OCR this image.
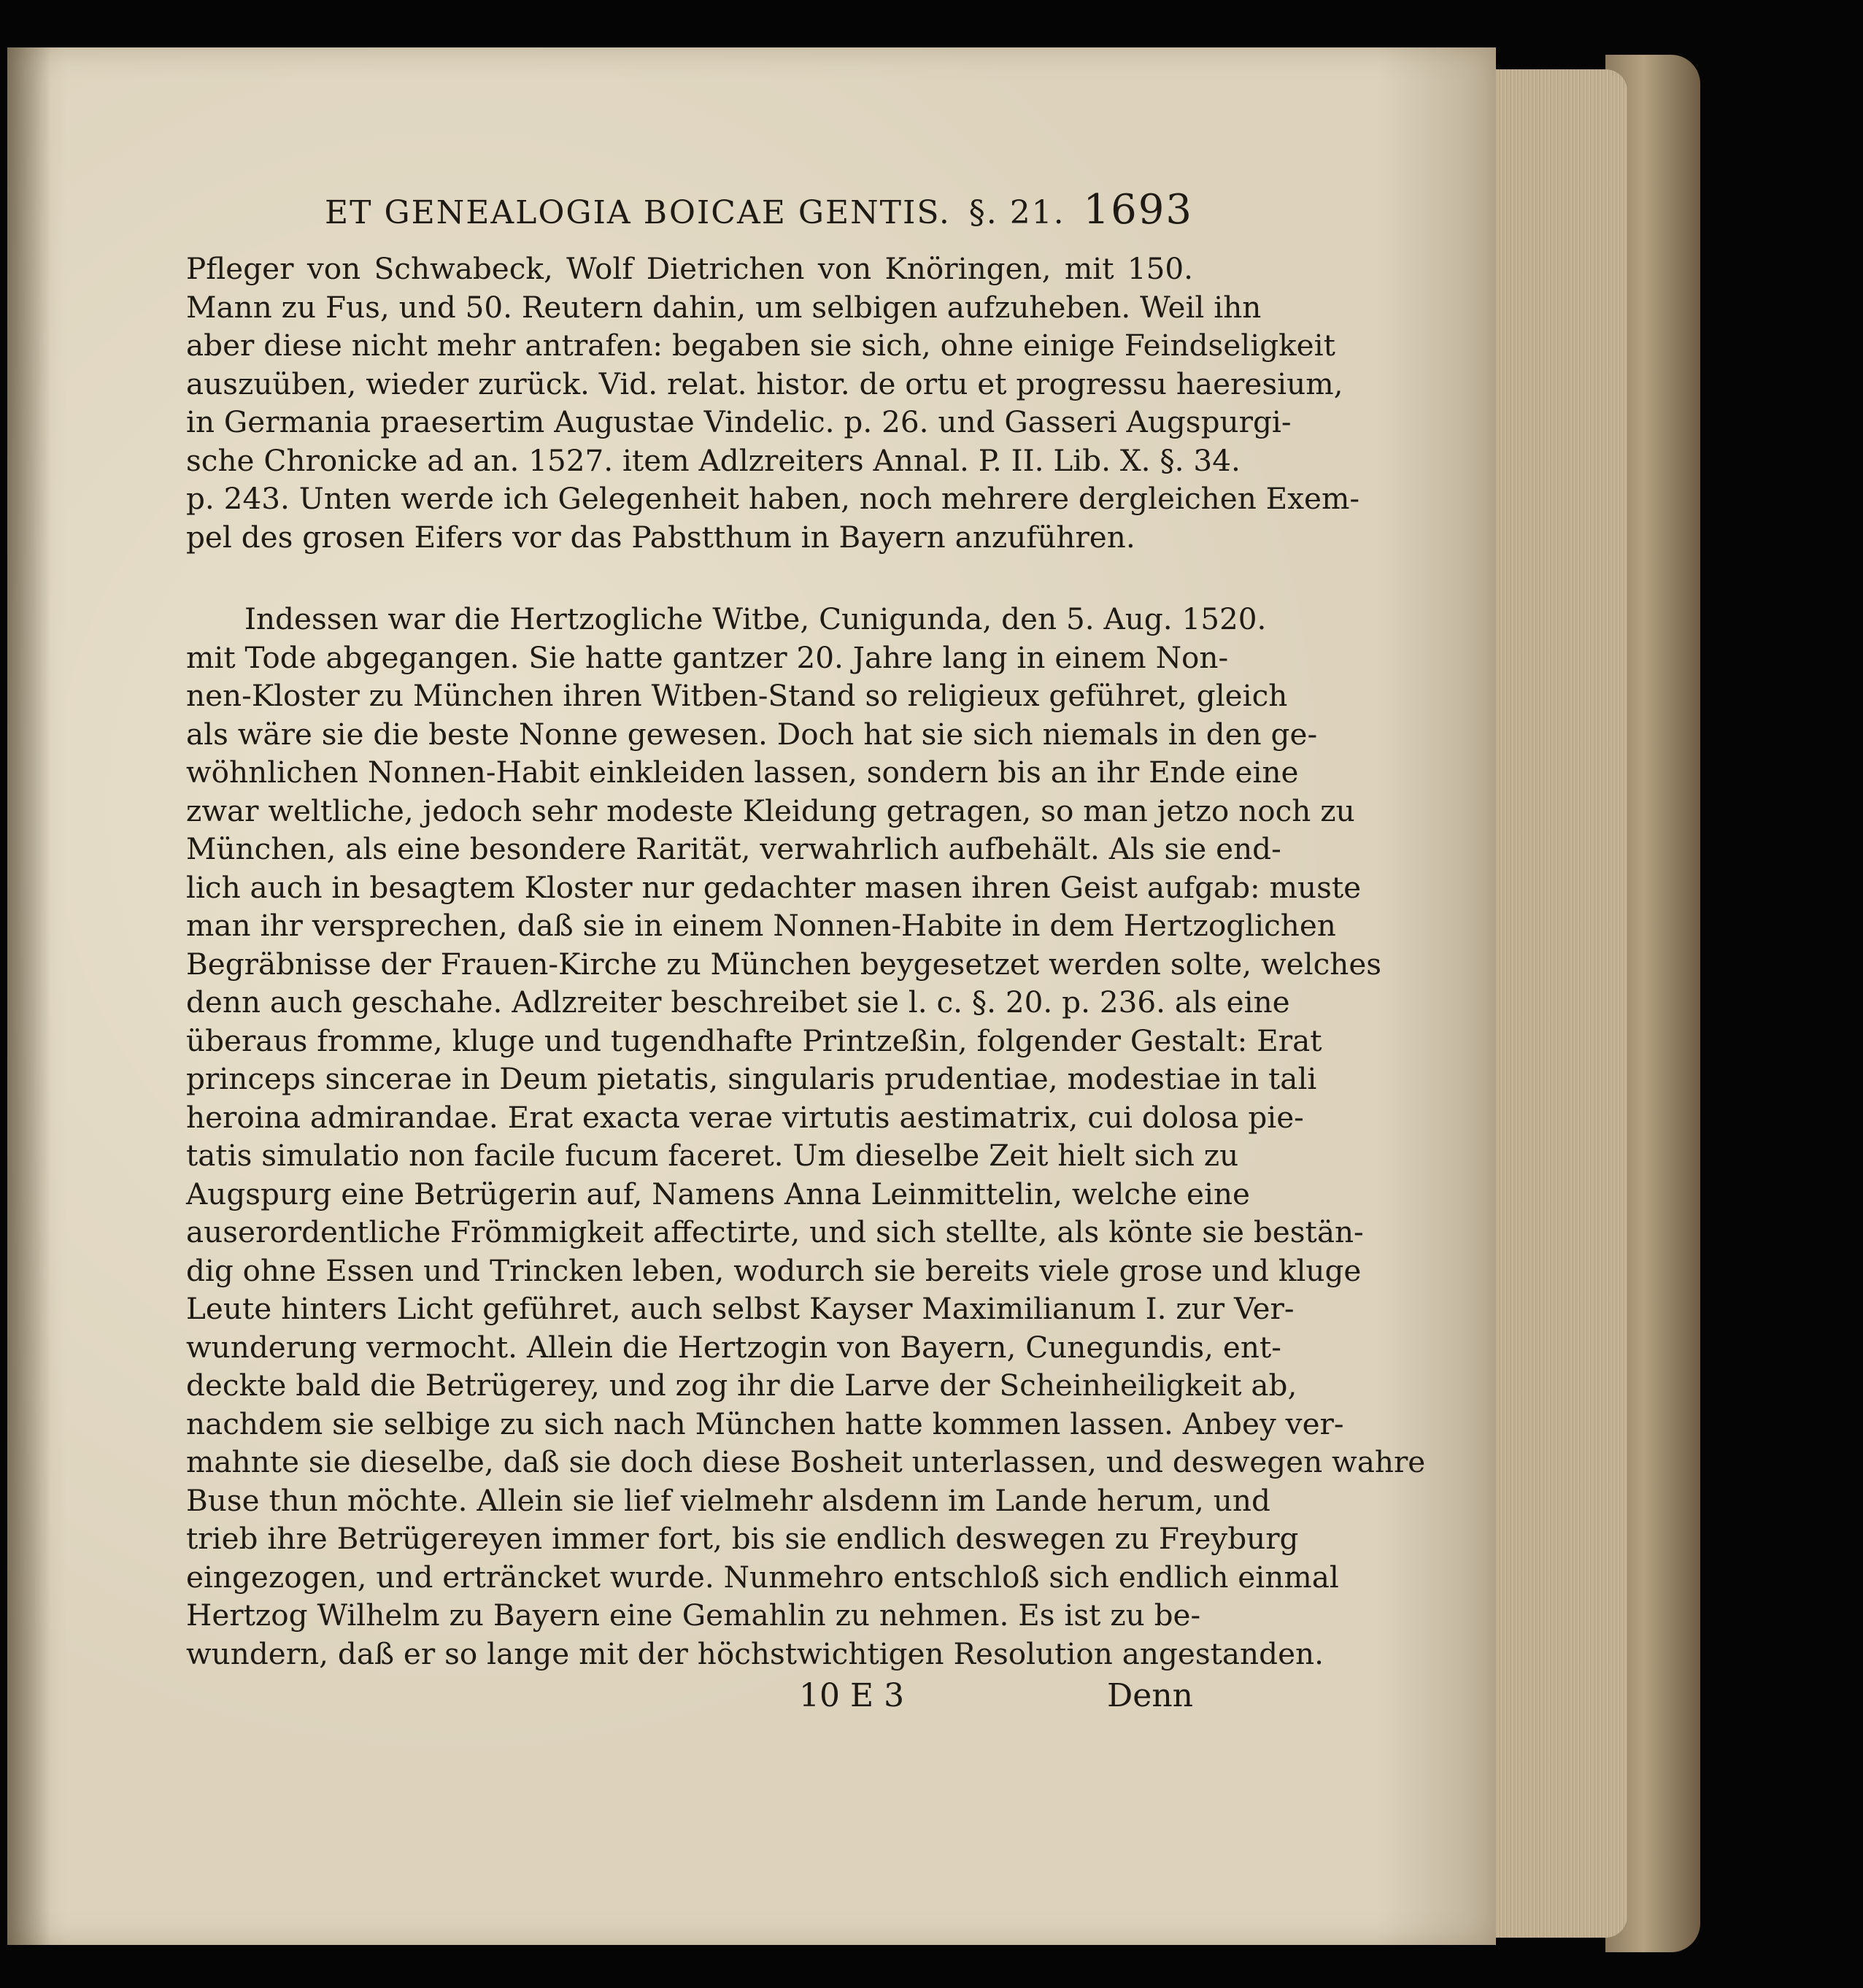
ET GENEALOGIA BOICAE GENTIS. §. 21. 1693
Pfleger von Schwabeck, Wolf Dietrichen von Knöringen, mit 150.
Mann zu Fus, und 50. Reutern dahin, um selbigen aufzuheben. Weil ihn
aber diese nicht mehr antrafen: begaben sie sich, ohne einige Feindseligkeit
auszuüben, wieder zurück. Vid. relat. histor. de ortu et progressu haeresium,
in Germania praesertim Augustae Vindelic. p. 26. und Gasseri Augspurgi-
sche Chronicke ad an. 1527. item Adlzreiters Annal. P. II. Lib. X. §. 34.
p. 243. Unten werde ich Gelegenheit haben, noch mehrere dergleichen Exem-
pel des grosen Eifers vor das Pabstthum in Bayern anzuführen.
Indessen war die Hertzogliche Witbe, Cunigunda, den 5. Aug. 1520.
mit Tode abgegangen. Sie hatte gantzer 20. Jahre lang in einem Non-
nen-Kloster zu München ihren Witben-Stand so religieux geführet, gleich
als wäre sie die beste Nonne gewesen. Doch hat sie sich niemals in den ge-
wöhnlichen Nonnen-Habit einkleiden lassen, sondern bis an ihr Ende eine
zwar weltliche, jedoch sehr modeste Kleidung getragen, so man jetzo noch zu
München, als eine besondere Rarität, verwahrlich aufbehält. Als sie end-
lich auch in besagtem Kloster nur gedachter masen ihren Geist aufgab: muste
man ihr versprechen, daß sie in einem Nonnen-Habite in dem Hertzoglichen
Begräbnisse der Frauen-Kirche zu München beygesetzet werden solte, welches
denn auch geschahe. Adlzreiter beschreibet sie l. c. §. 20. p. 236. als eine
überaus fromme, kluge und tugendhafte Printzeßin, folgender Gestalt: Erat
princeps sincerae in Deum pietatis, singularis prudentiae, modestiae in tali
heroina admirandae. Erat exacta verae virtutis aestimatrix, cui dolosa pie-
tatis simulatio non facile fucum faceret. Um dieselbe Zeit hielt sich zu
Augspurg eine Betrügerin auf, Namens Anna Leinmittelin, welche eine
auserordentliche Frömmigkeit affectirte, und sich stellte, als könte sie bestän-
dig ohne Essen und Trincken leben, wodurch sie bereits viele grose und kluge
Leute hinters Licht geführet, auch selbst Kayser Maximilianum I. zur Ver-
wunderung vermocht. Allein die Hertzogin von Bayern, Cunegundis, ent-
deckte bald die Betrügerey, und zog ihr die Larve der Scheinheiligkeit ab,
nachdem sie selbige zu sich nach München hatte kommen lassen. Anbey ver-
mahnte sie dieselbe, daß sie doch diese Bosheit unterlassen, und deswegen wahre
Buse thun möchte. Allein sie lief vielmehr alsdenn im Lande herum, und
trieb ihre Betrügereyen immer fort, bis sie endlich deswegen zu Freyburg
eingezogen, und erträncket wurde. Nunmehro entschloß sich endlich einmal
Hertzog Wilhelm zu Bayern eine Gemahlin zu nehmen. Es ist zu be-
wundern, daß er so lange mit der höchstwichtigen Resolution angestanden.
10 E 3	Denn
